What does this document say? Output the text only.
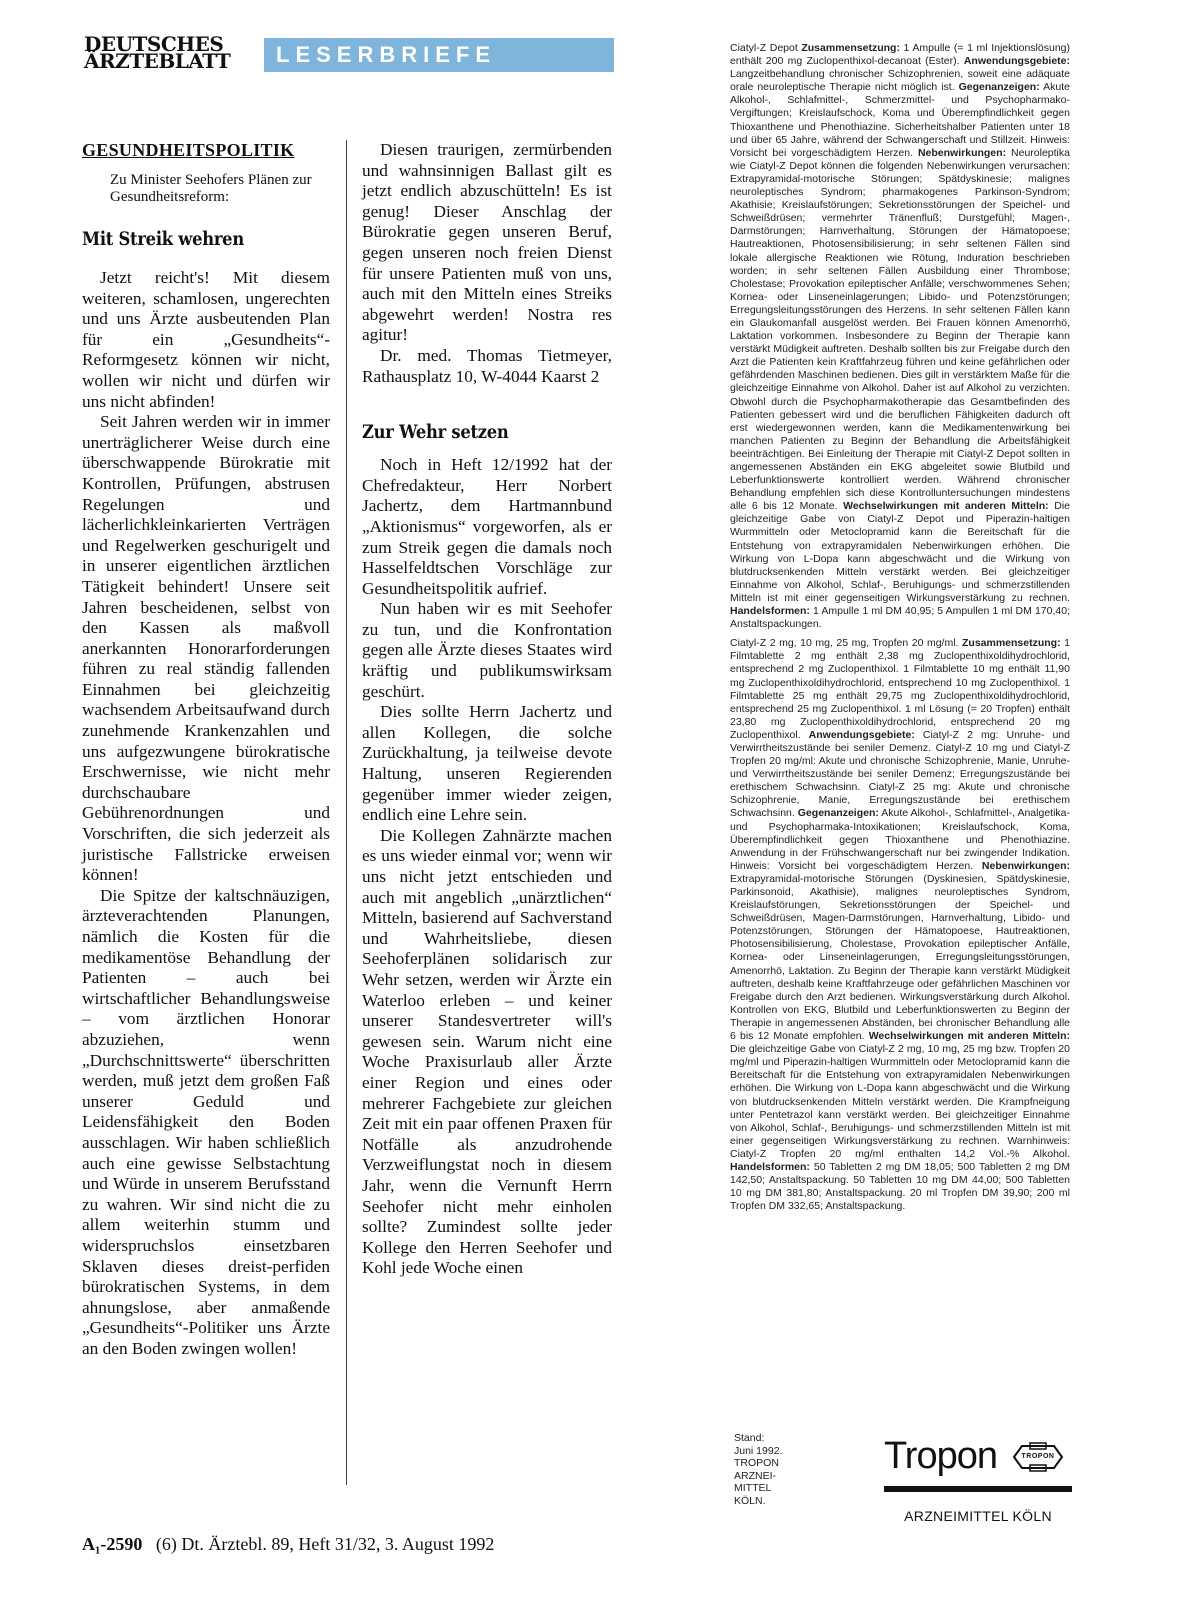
DEUTSCHES
ÄRZTEBLATT	LESERBRIEFE
GESUNDHEITSPOLITIK

Zu Minister Seehofers Plänen zur Gesundheitsreform:

Mit Streik wehren

Jetzt reicht's! Mit diesem weiteren, schamlosen, ungerechten und uns Ärzte ausbeutenden Plan für ein „Gesundheits“-Reformgesetz können wir nicht, wollen wir nicht und dürfen wir uns nicht abfinden!

Seit Jahren werden wir in immer unerträglicherer Weise durch eine überschwappende Bürokratie mit Kontrollen, Prüfungen, abstrusen Regelungen und lächerlichkleinkarierten Verträgen und Regelwerken geschurigelt und in unserer eigentlichen ärztlichen Tätigkeit behindert! Unsere seit Jahren bescheidenen, selbst von den Kassen als maßvoll anerkannten Honorarforderungen führen zu real ständig fallenden Einnahmen bei gleichzeitig wachsendem Arbeitsaufwand durch zunehmende Krankenzahlen und uns aufgezwungene bürokratische Erschwernisse, wie nicht mehr durchschaubare Gebührenordnungen und Vorschriften, die sich jederzeit als juristische Fallstricke erweisen können!

Die Spitze der kaltschnäuzigen, ärzteverachtenden Planungen, nämlich die Kosten für die medikamentöse Behandlung der Patienten – auch bei wirtschaftlicher Behandlungsweise – vom ärztlichen Honorar abzuziehen, wenn „Durchschnittswerte“ überschritten werden, muß jetzt dem großen Faß unserer Geduld und Leidensfähigkeit den Boden ausschlagen. Wir haben schließlich auch eine gewisse Selbstachtung und Würde in unserem Berufsstand zu wahren. Wir sind nicht die zu allem weiterhin stumm und widerspruchslos einsetzbaren Sklaven dieses dreist-perfiden bürokratischen Systems, in dem ahnungslose, aber anmaßende „Gesundheits“-Politiker uns Ärzte an den Boden zwingen wollen!

Diesen traurigen, zermürbenden und wahnsinnigen Ballast gilt es jetzt endlich abzuschütteln! Es ist genug! Dieser Anschlag der Bürokratie gegen unseren Beruf, gegen unseren noch freien Dienst für unsere Patienten muß von uns, auch mit den Mitteln eines Streiks abgewehrt werden! Nostra res agitur!

Dr. med. Thomas Tietmeyer, Rathausplatz 10, W-4044 Kaarst 2

Zur Wehr setzen

Noch in Heft 12/1992 hat der Chefredakteur, Herr Norbert Jachertz, dem Hartmannbund „Aktionismus“ vorgeworfen, als er zum Streik gegen die damals noch Hasselfeldtschen Vorschläge zur Gesundheitspolitik aufrief.

Nun haben wir es mit Seehofer zu tun, und die Konfrontation gegen alle Ärzte dieses Staates wird kräftig und publikumswirksam geschürt.

Dies sollte Herrn Jachertz und allen Kollegen, die solche Zurückhaltung, ja teilweise devote Haltung, unseren Regierenden gegenüber immer wieder zeigen, endlich eine Lehre sein.

Die Kollegen Zahnärzte machen es uns wieder einmal vor; wenn wir uns nicht jetzt entschieden und auch mit angeblich „unärztlichen“ Mitteln, basierend auf Sachverstand und Wahrheitsliebe, diesen Seehoferplänen solidarisch zur Wehr setzen, werden wir Ärzte ein Waterloo erleben – und keiner unserer Standesvertreter will's gewesen sein. Warum nicht eine Woche Praxisurlaub aller Ärzte einer Region und eines oder mehrerer Fachgebiete zur gleichen Zeit mit ein paar offenen Praxen für Notfälle als anzudrohende Verzweiflungstat noch in diesem Jahr, wenn die Vernunft Herrn Seehofer nicht mehr einholen sollte? Zumindest sollte jeder Kollege den Herren Seehofer und Kohl jede Woche einen

A₁-2590 (6) Dt. Ärztebl. 89, Heft 31/32, 3. August 1992

Ciatyl-Z Depot Zusammensetzung: 1 Ampulle (= 1 ml Injektionslösung) enthält 200 mg Zuclopenthixol-decanoat (Ester). Anwendungsgebiete: Langzeitbehandlung chronischer Schizophrenien, soweit eine adäquate orale neuroleptische Therapie nicht möglich ist. Gegenanzeigen: Akute Alkohol-, Schlafmittel-, Schmerzmittel- und Psychopharmako-Vergiftungen; Kreislaufschock, Koma und Überempfindlichkeit gegen Thioxanthene und Phenothiazine. Sicherheitshalber Patienten unter 18 und über 65 Jahre, während der Schwangerschaft und Stillzeit. Hinweis: Vorsicht bei vorgeschädigtem Herzen. Nebenwirkungen: Neuroleptika wie Ciatyl-Z Depot können die folgenden Nebenwirkungen verursachen: Extrapyramidal-motorische Störungen; Spätdyskinesie; malignes neuroleptisches Syndrom; pharmakogenes Parkinson-Syndrom; Akathisie; Kreislaufstörungen; Sekretionsstörungen der Speichel- und Schweißdrüsen; vermehrter Tränenfluß; Durstgefühl; Magen-, Darmstörungen; Harnverhaltung, Störungen der Hämatopoese; Hautreaktionen, Photosensibilisierung; in sehr seltenen Fällen sind lokale allergische Reaktionen wie Rötung, Induration beschrieben worden; in sehr seltenen Fällen Ausbildung einer Thrombose; Cholestase; Provokation epileptischer Anfälle; verschwommenes Sehen; Kornea- oder Linseneinlagerungen; Libido- und Potenzstörungen; Erregungsleitungsstörungen des Herzens. In sehr seltenen Fällen kann ein Glaukomanfall ausgelöst werden. Bei Frauen können Amenorrhö, Laktation vorkommen. Insbesondere zu Beginn der Therapie kann verstärkt Müdigkeit auftreten. Deshalb sollten bis zur Freigabe durch den Arzt die Patienten kein Kraftfahrzeug führen und keine gefährlichen oder gefährdenden Maschinen bedienen. Dies gilt in verstärktem Maße für die gleichzeitige Einnahme von Alkohol. Daher ist auf Alkohol zu verzichten. Obwohl durch die Psychopharmakotherapie das Gesamtbefinden des Patienten gebessert wird und die beruflichen Fähigkeiten dadurch oft erst wiedergewonnen werden, kann die Medikamentenwirkung bei manchen Patienten zu Beginn der Behandlung die Arbeitsfähigkeit beeinträchtigen. Bei Einleitung der Therapie mit Ciatyl-Z Depot sollten in angemessenen Abständen ein EKG abgeleitet sowie Blutbild und Leberfunktionswerte kontrolliert werden. Während chronischer Behandlung empfehlen sich diese Kontrolluntersuchungen mindestens alle 6 bis 12 Monate. Wechselwirkungen mit anderen Mitteln: Die gleichzeitige Gabe von Ciatyl-Z Depot und Piperazin-haltigen Wurmmitteln oder Metoclopramid kann die Bereitschaft für die Entstehung von extrapyramidalen Nebenwirkungen erhöhen. Die Wirkung von L-Dopa kann abgeschwächt und die Wirkung von blutdrucksenkenden Mitteln verstärkt werden. Bei gleichzeitiger Einnahme von Alkohol, Schlaf-, Beruhigungs- und schmerzstillenden Mitteln ist mit einer gegenseitigen Wirkungsverstärkung zu rechnen. Handelsformen: 1 Ampulle 1 ml DM 40,95; 5 Ampullen 1 ml DM 170,40; Anstaltspackungen.

Ciatyl-Z 2 mg, 10 mg, 25 mg, Tropfen 20 mg/ml. Zusammensetzung: 1 Filmtablette 2 mg enthält 2,38 mg Zuclopenthixoldihydrochlorid, entsprechend 2 mg Zuclopenthixol. 1 Filmtablette 10 mg enthält 11,90 mg Zuclopenthixoldihydrochlorid, entsprechend 10 mg Zuclopenthixol. 1 Filmtablette 25 mg enthält 29,75 mg Zuclopenthixoldihydrochlorid, entsprechend 25 mg Zuclopenthixol. 1 ml Lösung (= 20 Tropfen) enthält 23,80 mg Zuclopenthixoldihydrochlorid, entsprechend 20 mg Zuclopenthixol. Anwendungsgebiete: Ciatyl-Z 2 mg: Unruhe- und Verwirrtheitszustände bei seniler Demenz. Ciatyl-Z 10 mg und Ciatyl-Z Tropfen 20 mg/ml: Akute und chronische Schizophrenie, Manie, Unruhe- und Verwirrtheitszustände bei seniler Demenz; Erregungszustände bei erethischem Schwachsinn. Ciatyl-Z 25 mg: Akute und chronische Schizophrenie, Manie, Erregungszustände bei erethischem Schwachsinn. Gegenanzeigen: Akute Alkohol-, Schlafmittel-, Analgetika- und Psychopharmaka-Intoxikationen; Kreislaufschock, Koma, Überempfindlichkeit gegen Thioxanthene und Phenothiazine. Anwendung in der Frühschwangerschaft nur bei zwingender Indikation. Hinweis: Vorsicht bei vorgeschädigtem Herzen. Nebenwirkungen: Extrapyramidal-motorische Störungen (Dyskinesien, Spätdyskinesie, Parkinsonoid, Akathisie), malignes neuroleptisches Syndrom, Kreislaufstörungen, Sekretionsstörungen der Speichel- und Schweißdrüsen, Magen-Darmstörungen, Harnverhaltung, Libido- und Potenzstörungen, Störungen der Hämatopoese, Hautreaktionen, Photosensibilisierung, Cholestase, Provokation epileptischer Anfälle, Kornea- oder Linseneinlagerungen, Erregungsleitungsstörungen, Amenorrhö, Laktation. Zu Beginn der Therapie kann verstärkt Müdigkeit auftreten, deshalb keine Kraftfahrzeuge oder gefährlichen Maschinen vor Freigabe durch den Arzt bedienen. Wirkungsverstärkung durch Alkohol. Kontrollen von EKG, Blutbild und Leberfunktionswerten zu Beginn der Therapie in angemessenen Abständen, bei chronischer Behandlung alle 6 bis 12 Monate empfohlen. Wechselwirkungen mit anderen Mitteln: Die gleichzeitige Gabe von Ciatyl-Z 2 mg, 10 mg, 25 mg bzw. Tropfen 20 mg/ml und Piperazin-haltigen Wurmmitteln oder Metoclopramid kann die Bereitschaft für die Entstehung von extrapyramidalen Nebenwirkungen erhöhen. Die Wirkung von L-Dopa kann abgeschwächt und die Wirkung von blutdrucksenkenden Mitteln verstärkt werden. Die Krampfneigung unter Pentetrazol kann verstärkt werden. Bei gleichzeitiger Einnahme von Alkohol, Schlaf-, Beruhigungs- und schmerzstillenden Mitteln ist mit einer gegenseitigen Wirkungsverstärkung zu rechnen. Warnhinweis: Ciatyl-Z Tropfen 20 mg/ml enthalten 14,2 Vol.-% Alkohol. Handelsformen: 50 Tabletten 2 mg DM 18,05; 500 Tabletten 2 mg DM 142,50; Anstaltspackung. 50 Tabletten 10 mg DM 44,00; 500 Tabletten 10 mg DM 381,80; Anstaltspackung. 20 ml Tropfen DM 39,90; 200 ml Tropfen DM 332,65; Anstaltspackung.

Stand:
Juni 1992.
TROPON
ARZNEI-
MITTEL
KÖLN.
Tropon	TROPON
ARZNEIMITTEL KÖLN
